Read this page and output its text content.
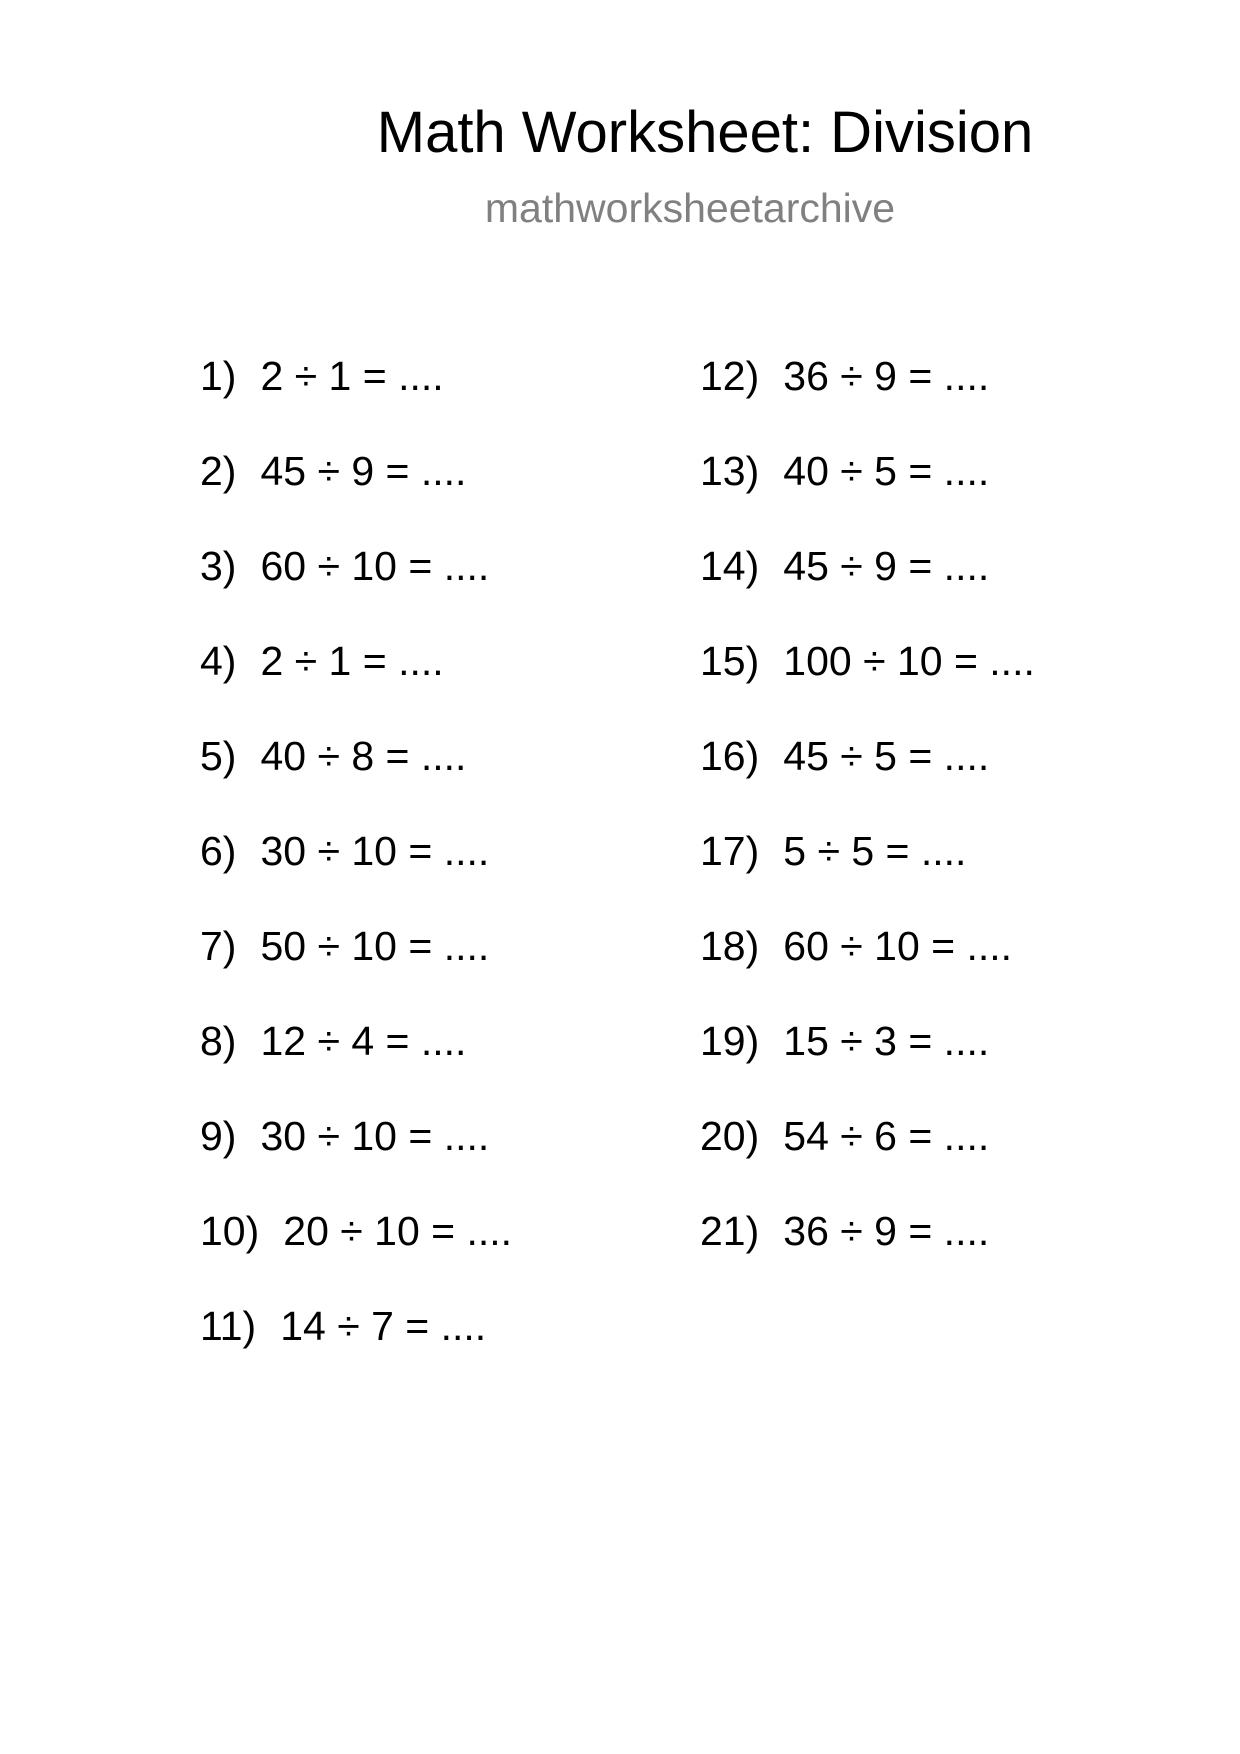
Math Worksheet: Division
mathworksheetarchive
1) 2 ÷ 1 = ....
2) 45 ÷ 9 = ....
3) 60 ÷ 10 = ....
4) 2 ÷ 1 = ....
5) 40 ÷ 8 = ....
6) 30 ÷ 10 = ....
7) 50 ÷ 10 = ....
8) 12 ÷ 4 = ....
9) 30 ÷ 10 = ....
10) 20 ÷ 10 = ....
11) 14 ÷ 7 = ....
12) 36 ÷ 9 = ....
13) 40 ÷ 5 = ....
14) 45 ÷ 9 = ....
15) 100 ÷ 10 = ....
16) 45 ÷ 5 = ....
17) 5 ÷ 5 = ....
18) 60 ÷ 10 = ....
19) 15 ÷ 3 = ....
20) 54 ÷ 6 = ....
21) 36 ÷ 9 = ....
